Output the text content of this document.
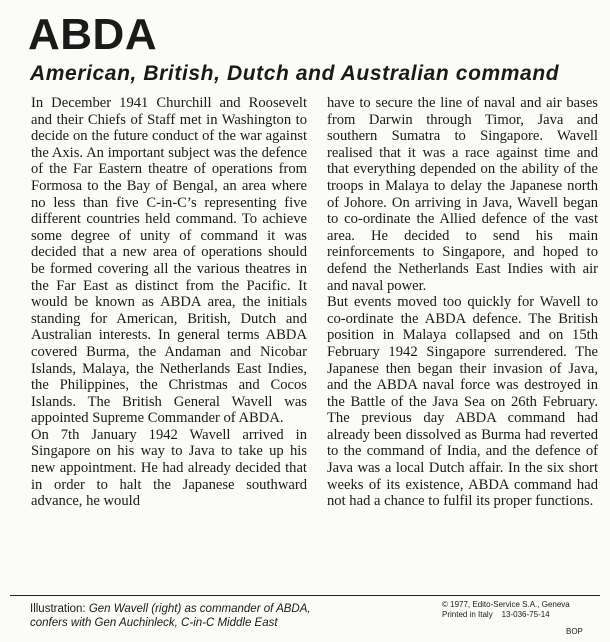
ABDA
American, British, Dutch and Australian command

In December 1941 Churchill and Roosevelt and their Chiefs of Staff met in Washington to decide on the future conduct of the war against the Axis. An important subject was the defence of the Far Eastern theatre of operations from Formosa to the Bay of Bengal, an area where no less than five C-in-C’s representing five different countries held command. To achieve some degree of unity of command it was decided that a new area of operations should be formed covering all the various theatres in the Far East as distinct from the Pacific. It would be known as ABDA area, the initials standing for American, British, Dutch and Australian interests. In general terms ABDA covered Burma, the Andaman and Nicobar Islands, Malaya, the Netherlands East Indies, the Philippines, the Christmas and Cocos Islands. The British General Wavell was appointed Supreme Commander of ABDA.

On 7th January 1942 Wavell arrived in Singapore on his way to Java to take up his new appointment. He had already decided that in order to halt the Japanese southward advance, he would

have to secure the line of naval and air bases from Darwin through Timor, Java and southern Sumatra to Singapore. Wavell realised that it was a race against time and that everything depended on the ability of the troops in Malaya to delay the Japanese north of Johore. On arriving in Java, Wavell began to co-ordinate the Allied defence of the vast area. He decided to send his main reinforcements to Singapore, and hoped to defend the Netherlands East Indies with air and naval power.

But events moved too quickly for Wavell to co-ordinate the ABDA defence. The British position in Malaya collapsed and on 15th February 1942 Singapore surrendered. The Japanese then began their invasion of Java, and the ABDA naval force was destroyed in the Battle of the Java Sea on 26th February. The previous day ABDA command had already been dissolved as Burma had reverted to the command of India, and the defence of Java was a local Dutch affair. In the six short weeks of its existence, ABDA command had not had a chance to fulfil its proper functions.

Illustration: Gen Wavell (right) as commander of ABDA,
confers with Gen Auchinleck, C-in-C Middle East
© 1977, Edito-Service S.A., Geneva
Printed in Italy 13-036-75-14
BOP
